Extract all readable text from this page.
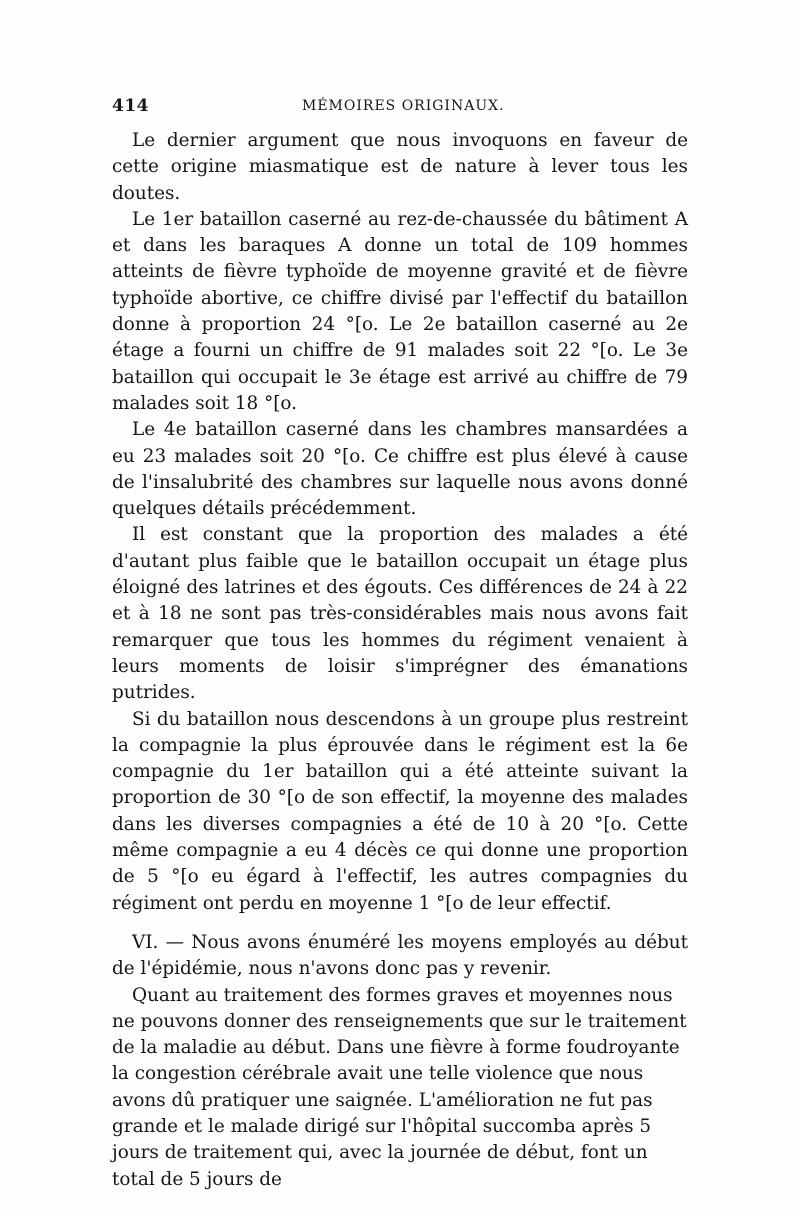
414	MÉMOIRES ORIGINAUX.

Le dernier argument que nous invoquons en faveur de cette origine miasmatique est de nature à lever tous les doutes.

Le 1er bataillon caserné au rez-de-chaussée du bâtiment A et dans les baraques A donne un total de 109 hommes atteints de fièvre typhoïde de moyenne gravité et de fièvre typhoïde abortive, ce chiffre divisé par l'effectif du bataillon donne à proportion 24 °[o. Le 2e bataillon caserné au 2e étage a fourni un chiffre de 91 malades soit 22 °[o. Le 3e bataillon qui occupait le 3e étage est arrivé au chiffre de 79 malades soit 18 °[o.

Le 4e bataillon caserné dans les chambres mansardées a eu 23 malades soit 20 °[o. Ce chiffre est plus élevé à cause de l'insalubrité des chambres sur laquelle nous avons donné quelques détails précédemment.

Il est constant que la proportion des malades a été d'autant plus faible que le bataillon occupait un étage plus éloigné des latrines et des égouts. Ces différences de 24 à 22 et à 18 ne sont pas très-considérables mais nous avons fait remarquer que tous les hommes du régiment venaient à leurs moments de loisir s'imprégner des émanations putrides.

Si du bataillon nous descendons à un groupe plus restreint la compagnie la plus éprouvée dans le régiment est la 6e compagnie du 1er bataillon qui a été atteinte suivant la proportion de 30 °[o de son effectif, la moyenne des malades dans les diverses compagnies a été de 10 à 20 °[o. Cette même compagnie a eu 4 décès ce qui donne une proportion de 5 °[o eu égard à l'effectif, les autres compagnies du régiment ont perdu en moyenne 1 °[o de leur effectif.

VI. — Nous avons énuméré les moyens employés au début de l'épidémie, nous n'avons donc pas y revenir.

Quant au traitement des formes graves et moyennes nous ne pouvons donner des renseignements que sur le traitement de la maladie au début. Dans une fièvre à forme foudroyante la congestion cérébrale avait une telle violence que nous avons dû pratiquer une saignée. L'amélioration ne fut pas grande et le malade dirigé sur l'hôpital succomba après 5 jours de traitement qui, avec la journée de début, font un total de 5 jours de
